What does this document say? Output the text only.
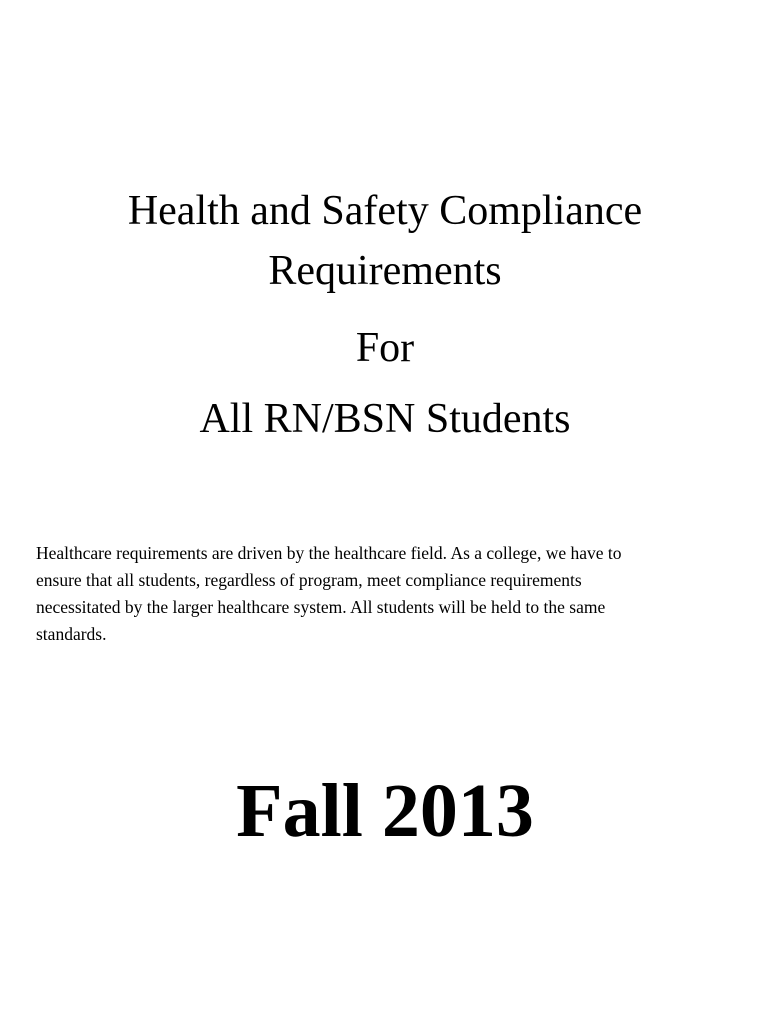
Health and Safety Compliance
Requirements
For
All RN/BSN Students

Healthcare requirements are driven by the healthcare field. As a college, we have to
ensure that all students, regardless of program, meet compliance requirements
necessitated by the larger healthcare system. All students will be held to the same
standards.

Fall 2013
